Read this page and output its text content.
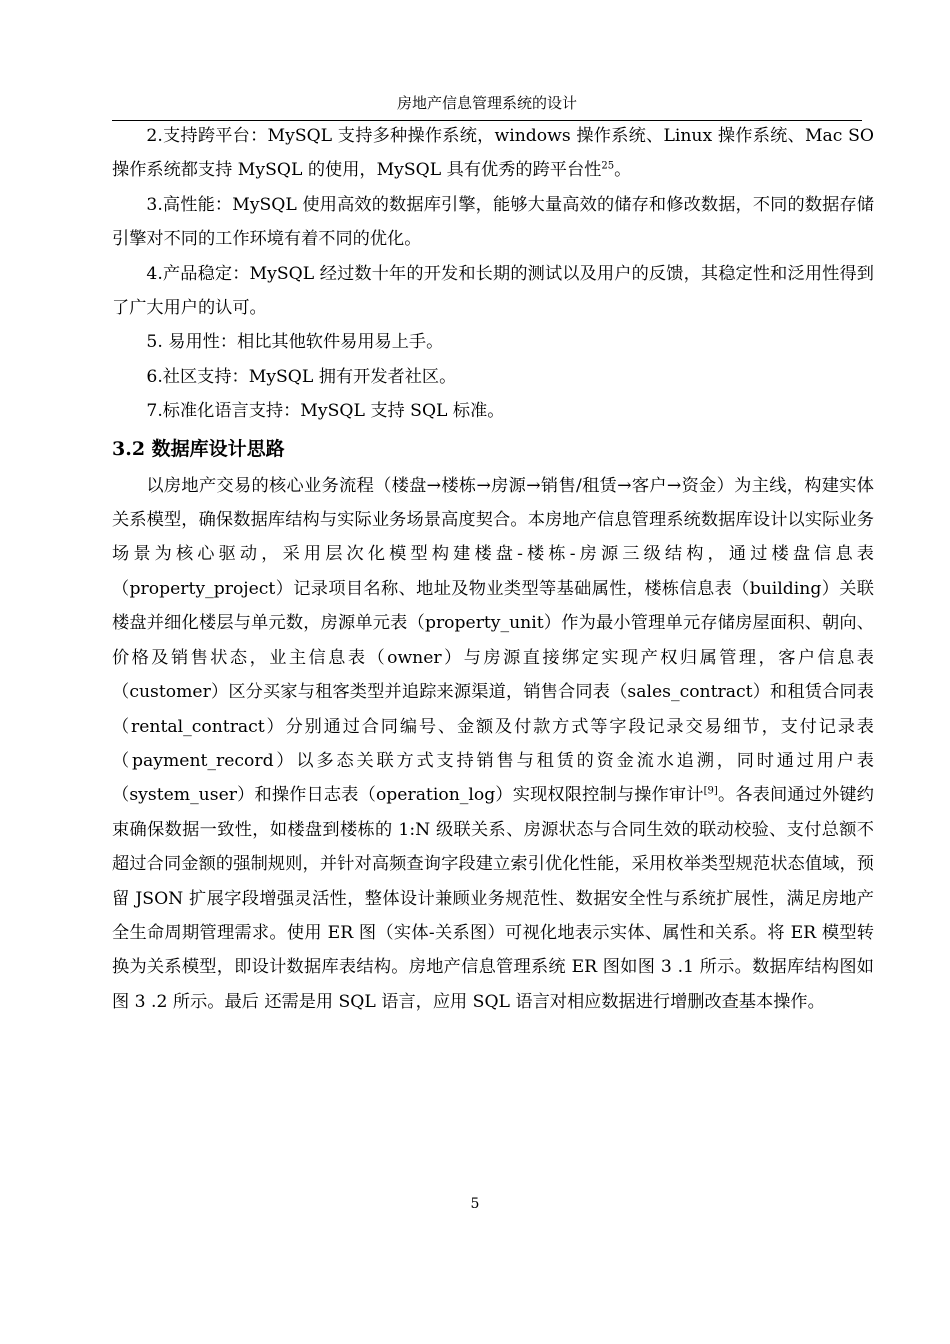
房地产信息管理系统的设计

2.支持跨平台：MySQL 支持多种操作系统，windows 操作系统、Linux 操作系统、Mac SO 操作系统都支持 MySQL 的使用，MySQL 具有优秀的跨平台性$^{25}$。

3.高性能：MySQL 使用高效的数据库引擎，能够大量高效的储存和修改数据，不同的数据存储引擎对不同的工作环境有着不同的优化。

4.产品稳定：MySQL 经过数十年的开发和长期的测试以及用户的反馈，其稳定性和泛用性得到了广大用户的认可。

5. 易用性：相比其他软件易用易上手。

6.社区支持：MySQL 拥有开发者社区。

7.标准化语言支持：MySQL 支持 SQL 标准。

3.2 数据库设计思路

以房地产交易的核心业务流程（楼盘→楼栋→房源→销售/租赁→客户→资金）为主线，构建实体关系模型，确保数据库结构与实际业务场景高度契合。本房地产信息管理系统数据库设计以实际业务场景为核心驱动，采用层次化模型构建楼盘-楼栋-房源三级结构，通过楼盘信息表（property_project）记录项目名称、地址及物业类型等基础属性，楼栋信息表（building）关联楼盘并细化楼层与单元数，房源单元表（property_unit）作为最小管理单元存储房屋面积、朝向、价格及销售状态，业主信息表（owner）与房源直接绑定实现产权归属管理，客户信息表（customer）区分买家与租客类型并追踪来源渠道，销售合同表（sales_contract）和租赁合同表（rental_contract）分别通过合同编号、金额及付款方式等字段记录交易细节，支付记录表（payment_record）以多态关联方式支持销售与租赁的资金流水追溯，同时通过用户表（system_user）和操作日志表（operation_log）实现权限控制与操作审计[9]。各表间通过外键约束确保数据一致性，如楼盘到楼栋的 1:N 级联关系、房源状态与合同生效的联动校验、支付总额不超过合同金额的强制规则，并针对高频查询字段建立索引优化性能，采用枚举类型规范状态值域，预留 JSON 扩展字段增强灵活性，整体设计兼顾业务规范性、数据安全性与系统扩展性，满足房地产全生命周期管理需求。使用 ER 图（实体-关系图）可视化地表示实体、属性和关系。将 ER 模型转换为关系模型，即设计数据库表结构。房地产信息管理系统 ER 图如图 3 .1 所示。数据库结构图如图 3 .2 所示。最后 还需是用 SQL 语言，应用 SQL 语言对相应数据进行增删改查基本操作。

5
